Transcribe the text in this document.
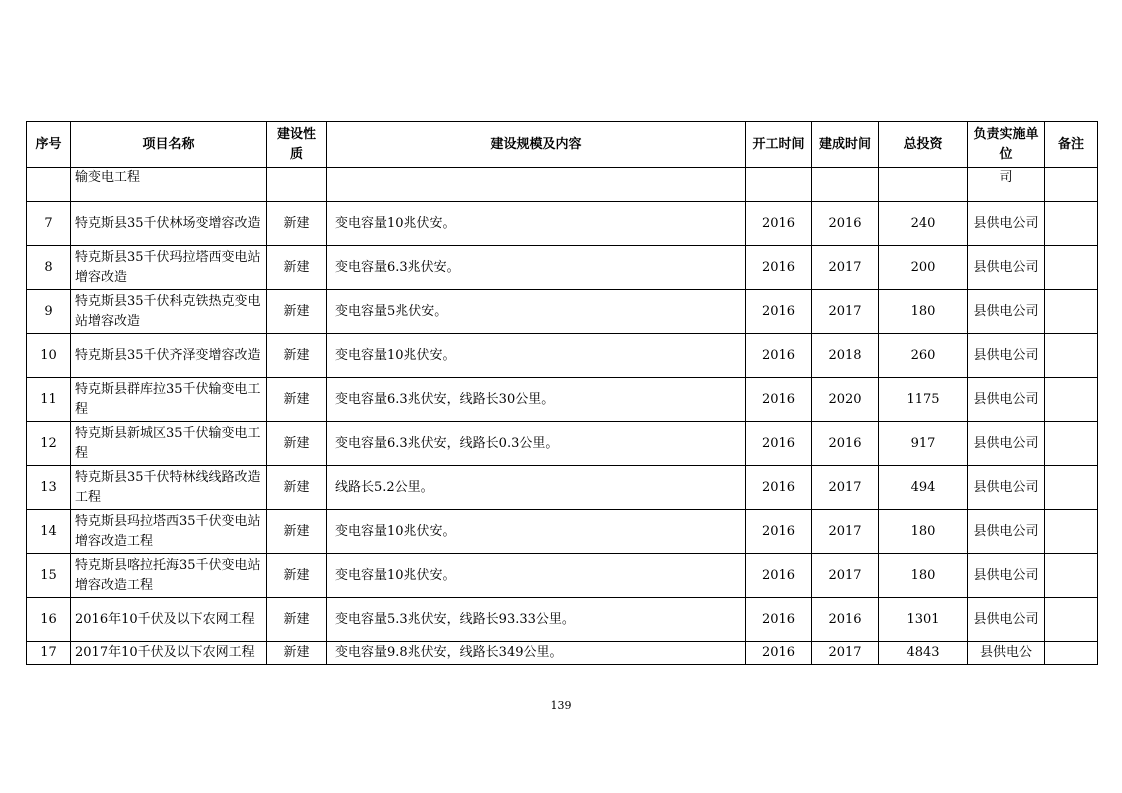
序号	项目名称	建设性质	建设规模及内容	开工时间	建成时间	总投资	负责实施单位	备注
	输变电工程						司	
7	特克斯县35千伏林场变增容改造	新建	变电容量10兆伏安。	2016	2016	240	县供电公司	
8	特克斯县35千伏玛拉塔西变电站增容改造	新建	变电容量6.3兆伏安。	2016	2017	200	县供电公司	
9	特克斯县35千伏科克铁热克变电站增容改造	新建	变电容量5兆伏安。	2016	2017	180	县供电公司	
10	特克斯县35千伏齐泽变增容改造	新建	变电容量10兆伏安。	2016	2018	260	县供电公司	
11	特克斯县群库拉35千伏输变电工程	新建	变电容量6.3兆伏安，线路长30公里。	2016	2020	1175	县供电公司	
12	特克斯县新城区35千伏输变电工程	新建	变电容量6.3兆伏安，线路长0.3公里。	2016	2016	917	县供电公司	
13	特克斯县35千伏特林线线路改造工程	新建	线路长5.2公里。	2016	2017	494	县供电公司	
14	特克斯县玛拉塔西35千伏变电站增容改造工程	新建	变电容量10兆伏安。	2016	2017	180	县供电公司	
15	特克斯县喀拉托海35千伏变电站增容改造工程	新建	变电容量10兆伏安。	2016	2017	180	县供电公司	
16	2016年10千伏及以下农网工程	新建	变电容量5.3兆伏安，线路长93.33公里。	2016	2016	1301	县供电公司	
17	2017年10千伏及以下农网工程	新建	变电容量9.8兆伏安，线路长349公里。	2016	2017	4843	县供电公	
139
